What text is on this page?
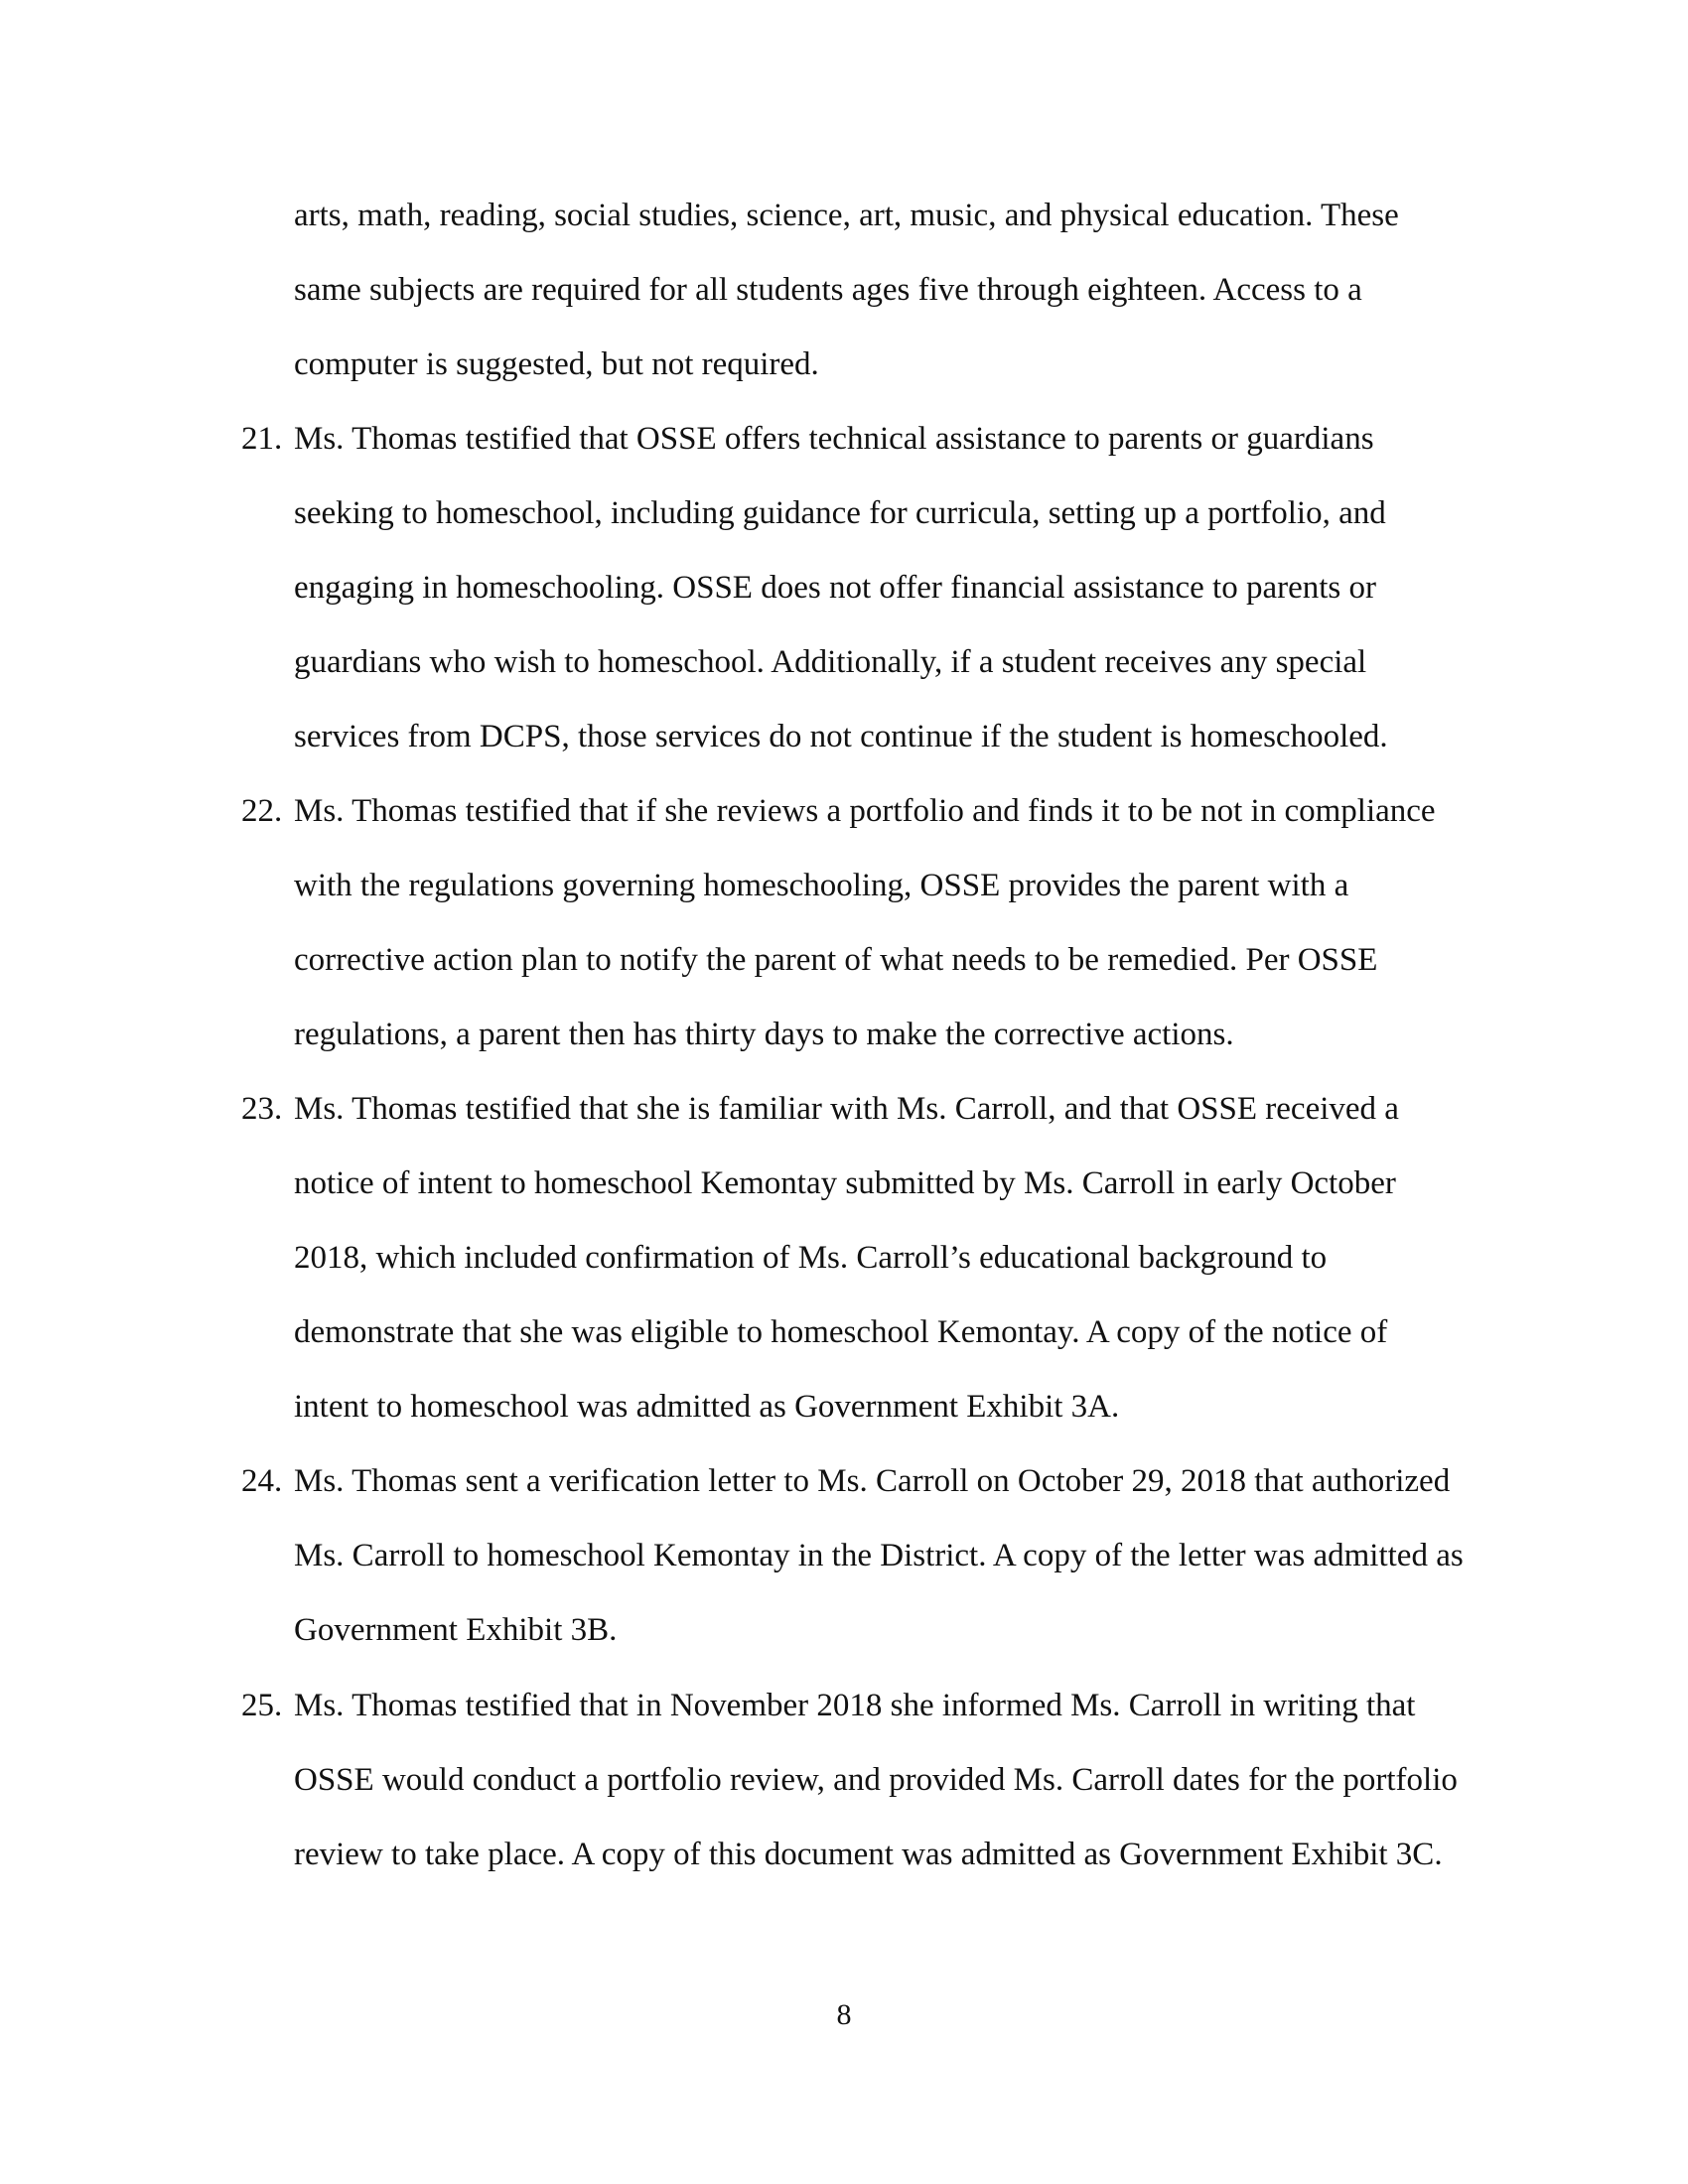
arts, math, reading, social studies, science, art, music, and physical education. These
same subjects are required for all students ages five through eighteen. Access to a
computer is suggested, but not required.
21. Ms. Thomas testified that OSSE offers technical assistance to parents or guardians
seeking to homeschool, including guidance for curricula, setting up a portfolio, and
engaging in homeschooling. OSSE does not offer financial assistance to parents or
guardians who wish to homeschool. Additionally, if a student receives any special
services from DCPS, those services do not continue if the student is homeschooled.
22. Ms. Thomas testified that if she reviews a portfolio and finds it to be not in compliance
with the regulations governing homeschooling, OSSE provides the parent with a
corrective action plan to notify the parent of what needs to be remedied. Per OSSE
regulations, a parent then has thirty days to make the corrective actions.
23. Ms. Thomas testified that she is familiar with Ms. Carroll, and that OSSE received a
notice of intent to homeschool Kemontay submitted by Ms. Carroll in early October
2018, which included confirmation of Ms. Carroll’s educational background to
demonstrate that she was eligible to homeschool Kemontay. A copy of the notice of
intent to homeschool was admitted as Government Exhibit 3A.
24. Ms. Thomas sent a verification letter to Ms. Carroll on October 29, 2018 that authorized
Ms. Carroll to homeschool Kemontay in the District. A copy of the letter was admitted as
Government Exhibit 3B.
25. Ms. Thomas testified that in November 2018 she informed Ms. Carroll in writing that
OSSE would conduct a portfolio review, and provided Ms. Carroll dates for the portfolio
review to take place. A copy of this document was admitted as Government Exhibit 3C.
8
